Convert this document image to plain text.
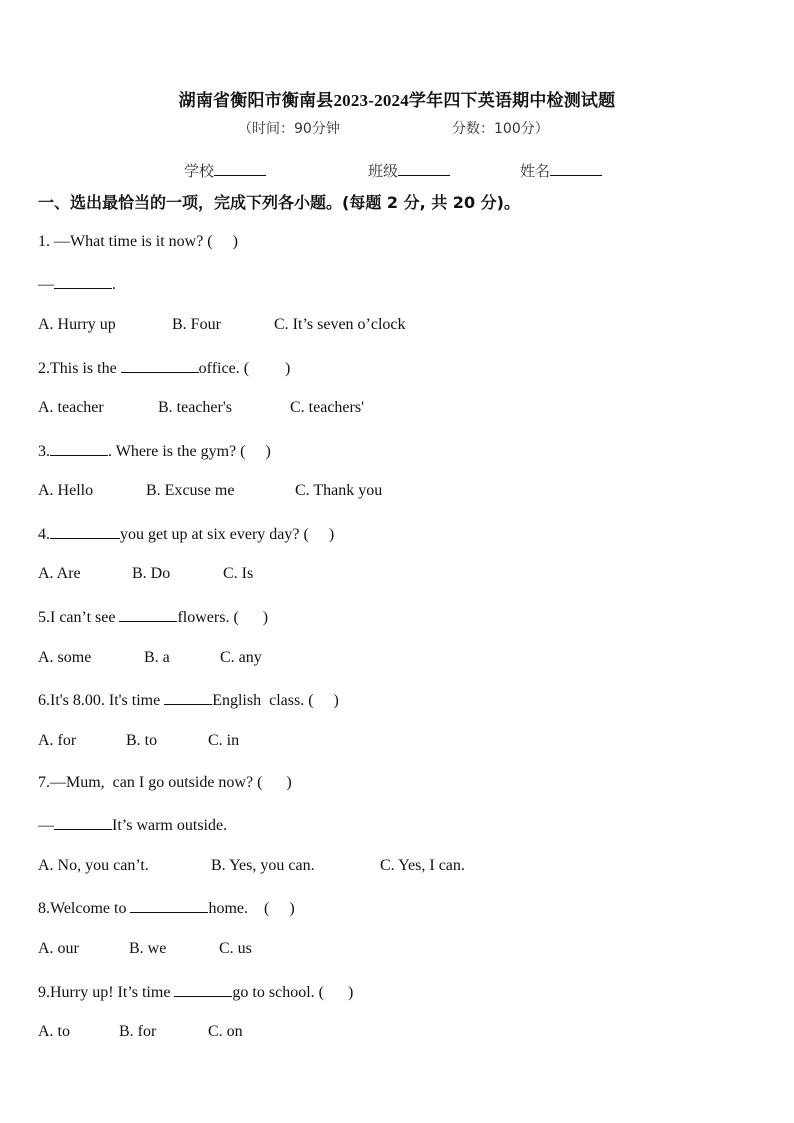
湖南省衡阳市衡南县2023-2024学年四下英语期中检测试题
（时间：90分钟	分数：100分）
学校	班级	姓名
一、选出最恰当的一项，完成下列各小题。(每题 2 分, 共 20 分)。
1. —What time is it now? (     )
—	.
A. Hurry up	B. Four	C. It’s seven o’clock
2.This is the	office. (         )
A. teacher	B. teacher's	C. teachers'
3.	. Where is the gym? (     )
A. Hello	B. Excuse me	C. Thank you
4.	you get up at six every day? (     )
A. Are	B. Do	C. Is
5.I can’t see	flowers. (      )
A. some	B. a	C. any
6.It's 8.00. It's time	English  class. (     )
A. for	B. to	C. in
7.—Mum,  can I go outside now? (      )
—	It’s warm outside.
A. No, you can’t.	B. Yes, you can.	C. Yes, I can.
8.Welcome to	home.    (     )
A. our	B. we	C. us
9.Hurry up! It’s time	go to school. (      )
A. to	B. for	C. on
